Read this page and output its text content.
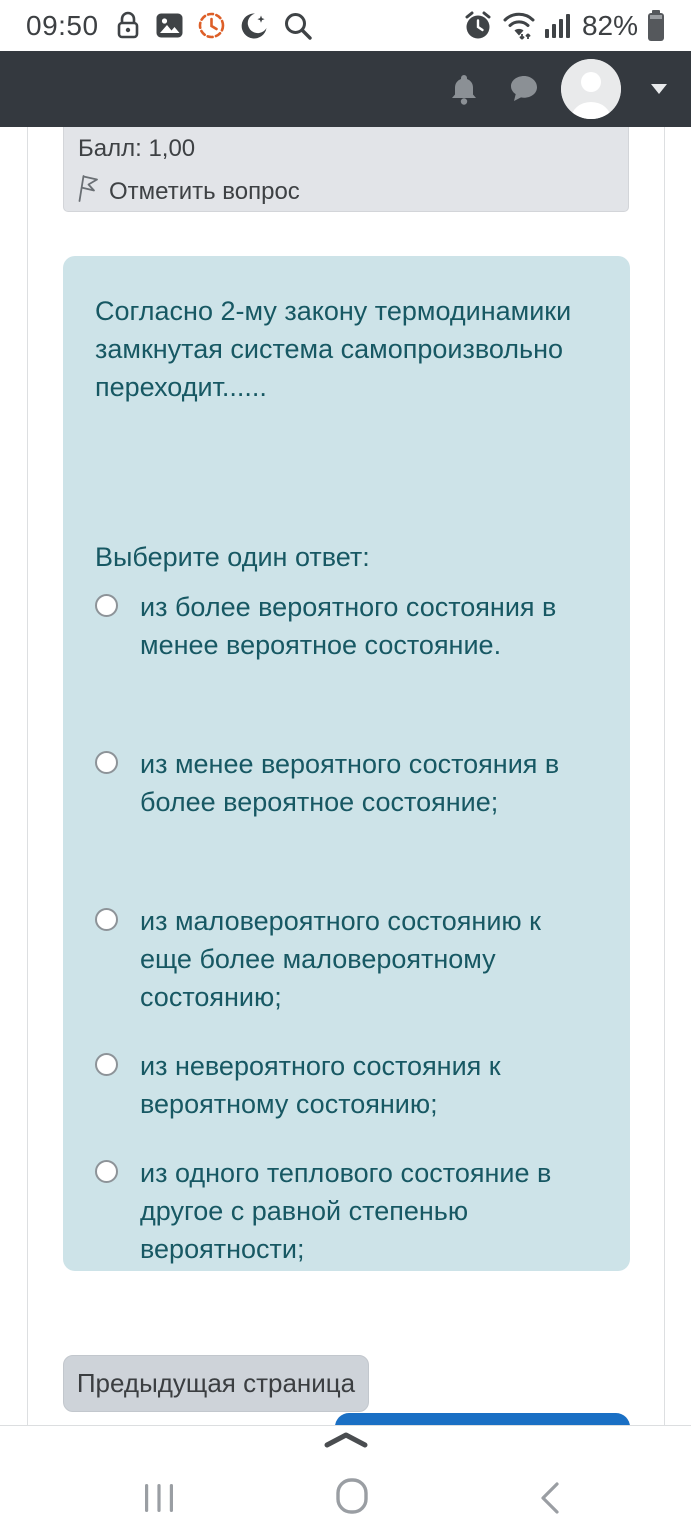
09:50	82%
Балл: 1,00
Отметить вопрос
Согласно 2-му закону термодинамики замкнутая система самопроизвольно переходит......
Выберите один ответ:
из более вероятного состояния в менее вероятное состояние.
из менее вероятного состояния в более вероятное состояние;
из маловероятного состоянию к еще более маловероятному состоянию;
из невероятного состояния к вероятному состоянию;
из одного теплового состояние в другое с равной степенью вероятности;
Предыдущая страница
